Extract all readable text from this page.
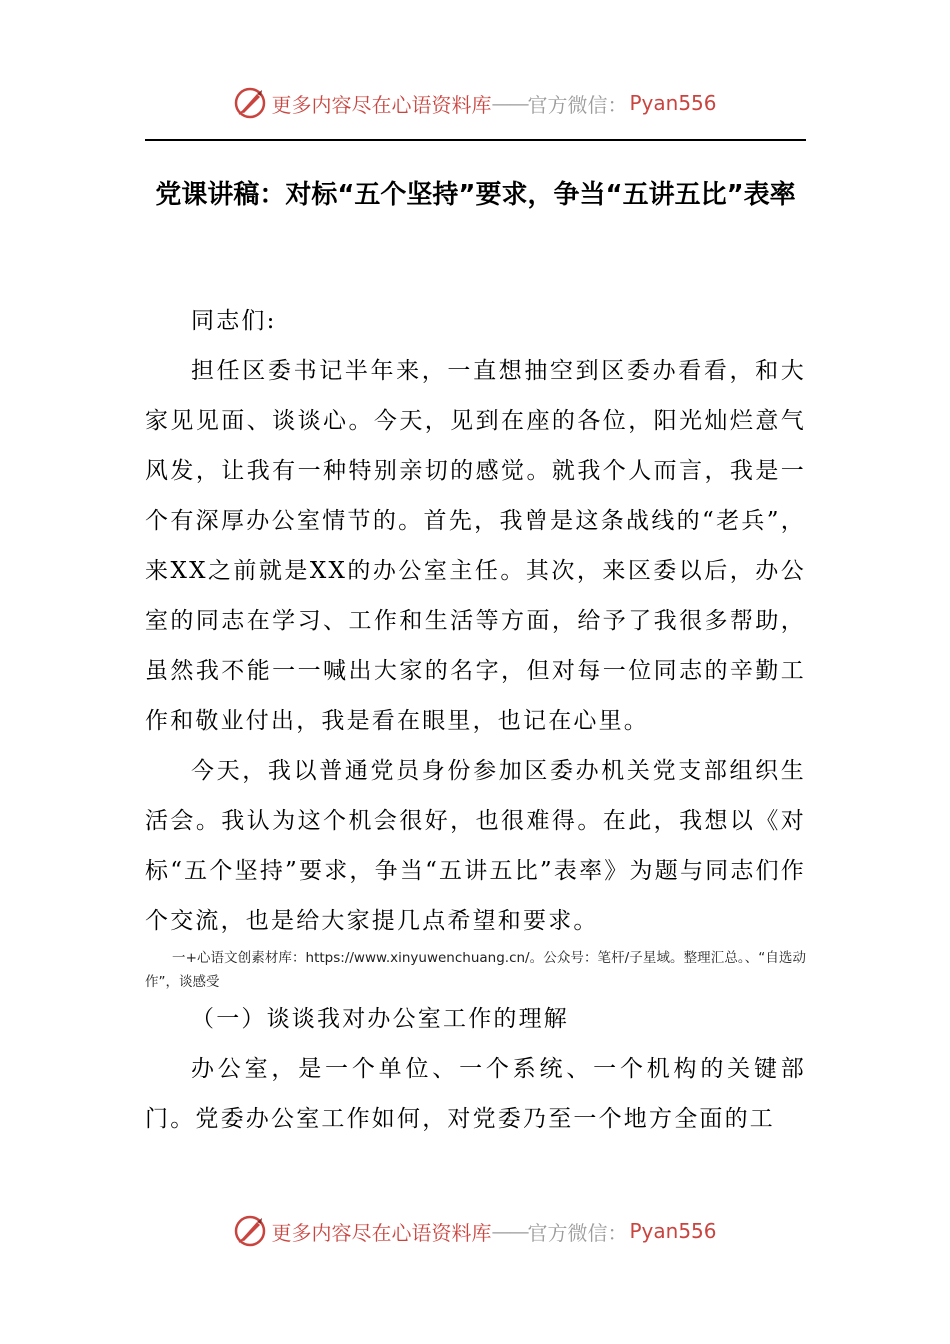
更多内容尽在心语资料库 —— 官方微信： Pyan556
党课讲稿：对标“五个坚持”要求，争当“五讲五比”表率

同志们:

担任区委书记半年来，一直想抽空到区委办看看，和大家见见面、谈谈心。今天，见到在座的各位，阳光灿烂意气风发，让我有一种特别亲切的感觉。就我个人而言，我是一个有深厚办公室情节的。首先，我曾是这条战线的“老兵”，来XX之前就是XX的办公室主任。其次，来区委以后，办公室的同志在学习、工作和生活等方面，给予了我很多帮助，虽然我不能一一喊出大家的名字，但对每一位同志的辛勤工作和敬业付出，我是看在眼里，也记在心里。

今天，我以普通党员身份参加区委办机关党支部组织生活会。我认为这个机会很好，也很难得。在此，我想以《对标“五个坚持”要求，争当“五讲五比”表率》为题与同志们作个交流，也是给大家提几点希望和要求。

一+心语文创素材库：https://www.xinyuwenchuang.cn/。公众号：笔杆/子星域。整理汇总。、“自选动作”，谈感受

（一）谈谈我对办公室工作的理解

办公室，是一个单位、一个系统、一个机构的关键部门。党委办公室工作如何，对党委乃至一个地方全面的工

更多内容尽在心语资料库 —— 官方微信： Pyan556
